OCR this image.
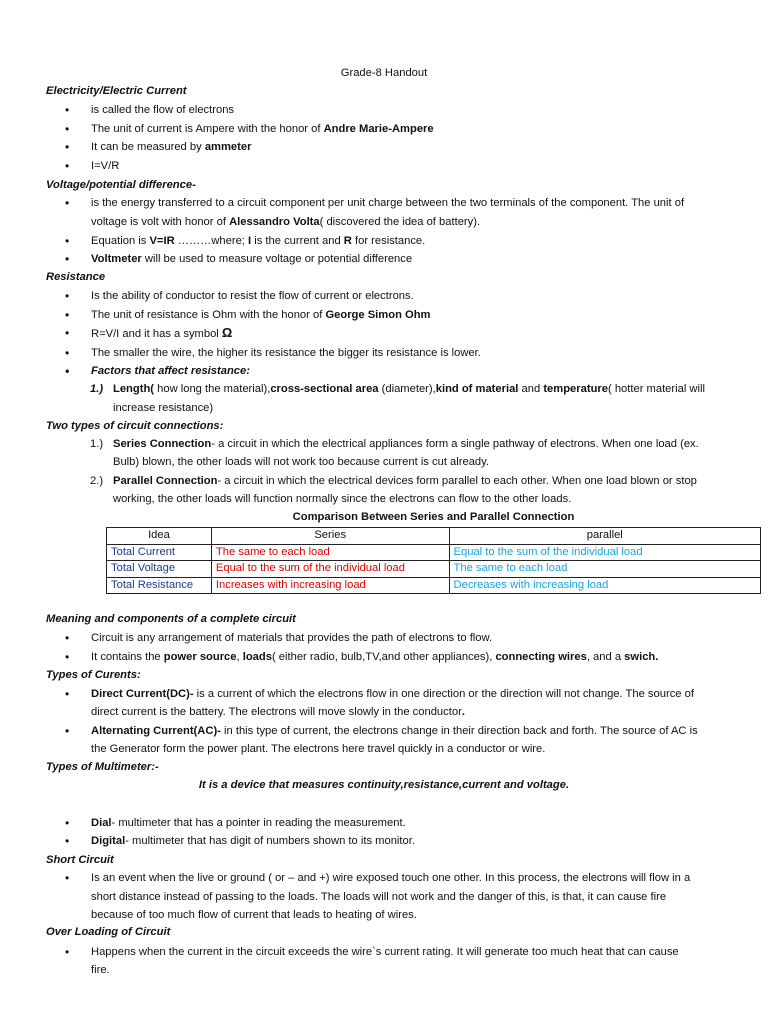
Grade-8 Handout
Electricity/Electric Current
• is called the flow of electrons
• The unit of current is Ampere with the honor of Andre Marie-Ampere
• It can be measured by ammeter
• I=V/R
Voltage/potential difference-
• is the energy transferred to a circuit component per unit charge between the two terminals of the component. The unit of
voltage is volt with honor of Alessandro Volta( discovered the idea of battery).
• Equation is V=IR ………where; I is the current and R for resistance.
• Voltmeter will be used to measure voltage or potential difference
Resistance
• Is the ability of conductor to resist the flow of current or electrons.
• The unit of resistance is Ohm with the honor of George Simon Ohm
• R=V/I and it has a symbol Ω
• The smaller the wire, the higher its resistance the bigger its resistance is lower.
• Factors that affect resistance:
1.) Length( how long the material),cross-sectional area (diameter),kind of material and temperature( hotter material will
increase resistance)
Two types of circuit connections:
1.) Series Connection- a circuit in which the electrical appliances form a single pathway of electrons. When one load (ex.
Bulb) blown, the other loads will not work too because current is cut already.
2.) Parallel Connection- a circuit in which the electrical devices form parallel to each other. When one load blown or stop
working, the other loads will function normally since the electrons can flow to the other loads.
Comparison Between Series and Parallel Connection
Idea	Series	parallel
Total Current	The same to each load	Equal to the sum of the individual load
Total Voltage	Equal to the sum of the individual load	The same to each load
Total Resistance	Increases with increasing load	Decreases with increasing load
Meaning and components of a complete circuit
• Circuit is any arrangement of materials that provides the path of electrons to flow.
• It contains the power source, loads( either radio, bulb,TV,and other appliances), connecting wires, and a swich.
Types of Curents:
• Direct Current(DC)- is a current of which the electrons flow in one direction or the direction will not change. The source of
direct current is the battery. The electrons will move slowly in the conductor.
• Alternating Current(AC)- in this type of current, the electrons change in their direction back and forth. The source of AC is
the Generator form the power plant. The electrons here travel quickly in a conductor or wire.
Types of Multimeter:-
It is a device that measures continuity,resistance,current and voltage.
• Dial- multimeter that has a pointer in reading the measurement.
• Digital- multimeter that has digit of numbers shown to its monitor.
Short Circuit
• Is an event when the live or ground ( or – and +) wire exposed touch one other. In this process, the electrons will flow in a
short distance instead of passing to the loads. The loads will not work and the danger of this, is that, it can cause fire
because of too much flow of current that leads to heating of wires.
Over Loading of Circuit
• Happens when the current in the circuit exceeds the wire`s current rating. It will generate too much heat that can cause
fire.
